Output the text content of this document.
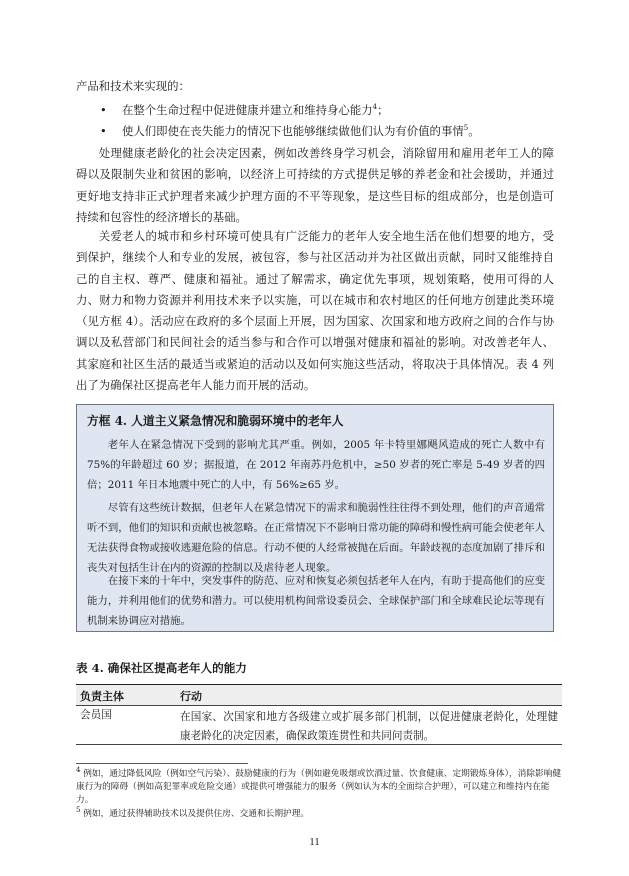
产品和技术来实现的：
• 在整个生命过程中促进健康并建立和维持身心能力$^4$；
• 使人们即使在丧失能力的情况下也能够继续做他们认为有价值的事情$^5$。
处理健康老龄化的社会决定因素，例如改善终身学习机会，消除留用和雇用老年工人的障碍以及限制失业和贫困的影响，以经济上可持续的方式提供足够的养老金和社会援助，并通过更好地支持非正式护理者来减少护理方面的不平等现象，是这些目标的组成部分，也是创造可持续和包容性的经济增长的基础。
关爱老人的城市和乡村环境可使具有广泛能力的老年人安全地生活在他们想要的地方，受到保护，继续个人和专业的发展，被包容，参与社区活动并为社区做出贡献，同时又能维持自己的自主权、尊严、健康和福祉。通过了解需求，确定优先事项，规划策略，使用可得的人力、财力和物力资源并利用技术来予以实施，可以在城市和农村地区的任何地方创建此类环境（见方框 4）。活动应在政府的多个层面上开展，因为国家、次国家和地方政府之间的合作与协调以及私营部门和民间社会的适当参与和合作可以增强对健康和福祉的影响。对改善老年人、其家庭和社区生活的最适当或紧迫的活动以及如何实施这些活动，将取决于具体情况。表 4 列出了为确保社区提高老年人能力而开展的活动。
方框 4. 人道主义紧急情况和脆弱环境中的老年人
老年人在紧急情况下受到的影响尤其严重。例如，2005 年卡特里娜飓风造成的死亡人数中有 75%的年龄超过 60 岁；据报道，在 2012 年南苏丹危机中，≥50 岁者的死亡率是 5-49 岁者的四倍；2011 年日本地震中死亡的人中，有 56%≥65 岁。
尽管有这些统计数据，但老年人在紧急情况下的需求和脆弱性往往得不到处理，他们的声音通常听不到，他们的知识和贡献也被忽略。在正常情况下不影响日常功能的障碍和慢性病可能会使老年人无法获得食物或接收逃避危险的信息。行动不便的人经常被抛在后面。年龄歧视的态度加剧了排斥和丧失对包括生计在内的资源的控制以及虐待老人现象。
在接下来的十年中，突发事件的防范、应对和恢复必须包括老年人在内，有助于提高他们的应变能力，并利用他们的优势和潜力。可以使用机构间常设委员会、全球保护部门和全球难民论坛等现有机制来协调应对措施。
表 4. 确保社区提高老年人的能力
负责主体	行动
会员国	在国家、次国家和地方各级建立或扩展多部门机制，以促进健康老龄化，处理健康老龄化的决定因素，确保政策连贯性和共同问责制。
$^4$ 例如，通过降低风险（例如空气污染）、鼓励健康的行为（例如避免吸烟或饮酒过量、饮食健康、定期锻炼身体），消除影响健康行为的障碍（例如高犯罪率或危险交通）或提供可增强能力的服务（例如认为本的全面综合护理），可以建立和维持内在能力。
$^5$ 例如，通过获得辅助技术以及提供住房、交通和长期护理。
11
